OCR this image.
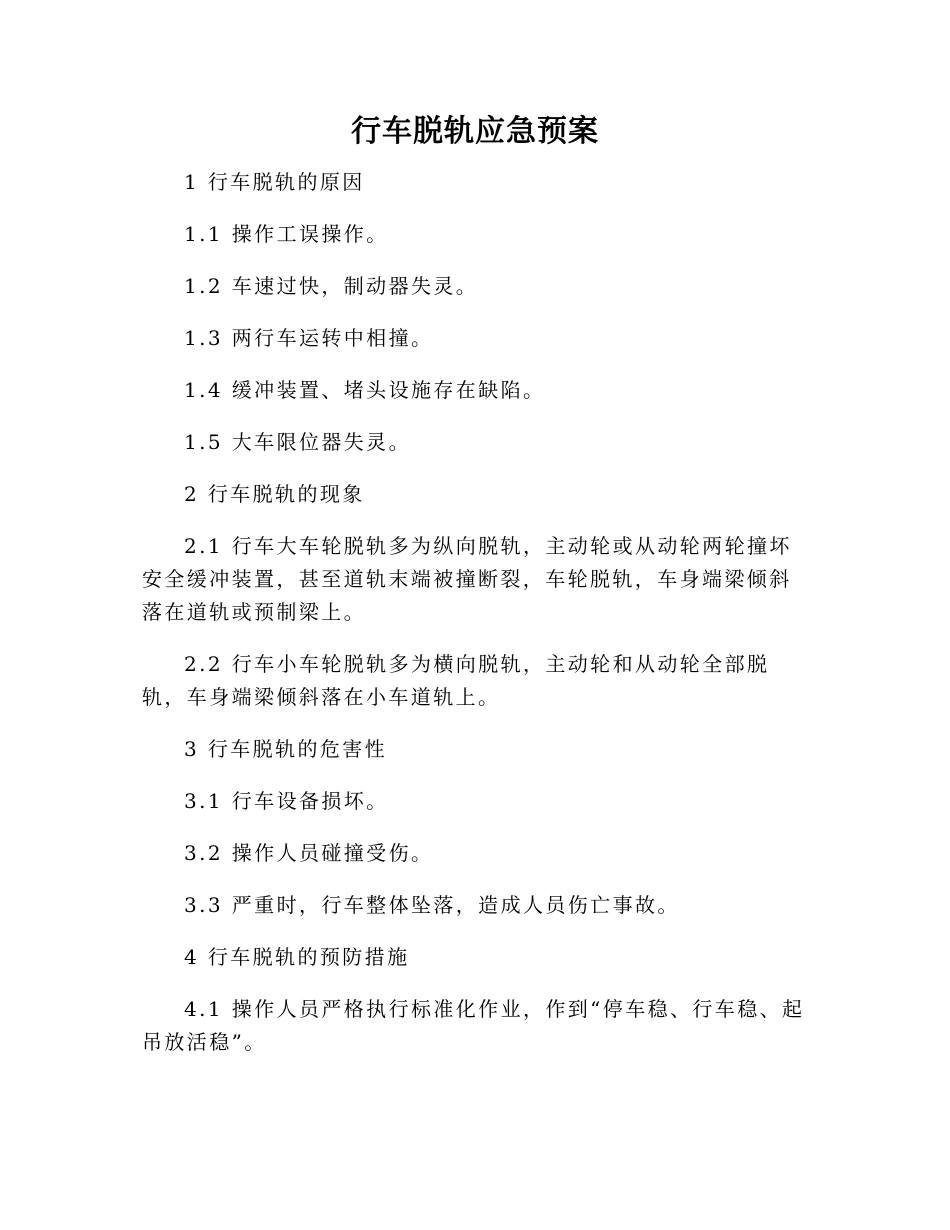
行车脱轨应急预案

1 行车脱轨的原因

1.1 操作工误操作。

1.2 车速过快，制动器失灵。

1.3 两行车运转中相撞。

1.4 缓冲装置、堵头设施存在缺陷。

1.5 大车限位器失灵。

2 行车脱轨的现象

2.1 行车大车轮脱轨多为纵向脱轨，主动轮或从动轮两轮撞坏安全缓冲装置，甚至道轨末端被撞断裂，车轮脱轨，车身端梁倾斜落在道轨或预制梁上。

2.2 行车小车轮脱轨多为横向脱轨，主动轮和从动轮全部脱轨，车身端梁倾斜落在小车道轨上。

3 行车脱轨的危害性

3.1 行车设备损坏。

3.2 操作人员碰撞受伤。

3.3 严重时，行车整体坠落，造成人员伤亡事故。

4 行车脱轨的预防措施

4.1 操作人员严格执行标准化作业，作到“停车稳、行车稳、起吊放活稳”。
